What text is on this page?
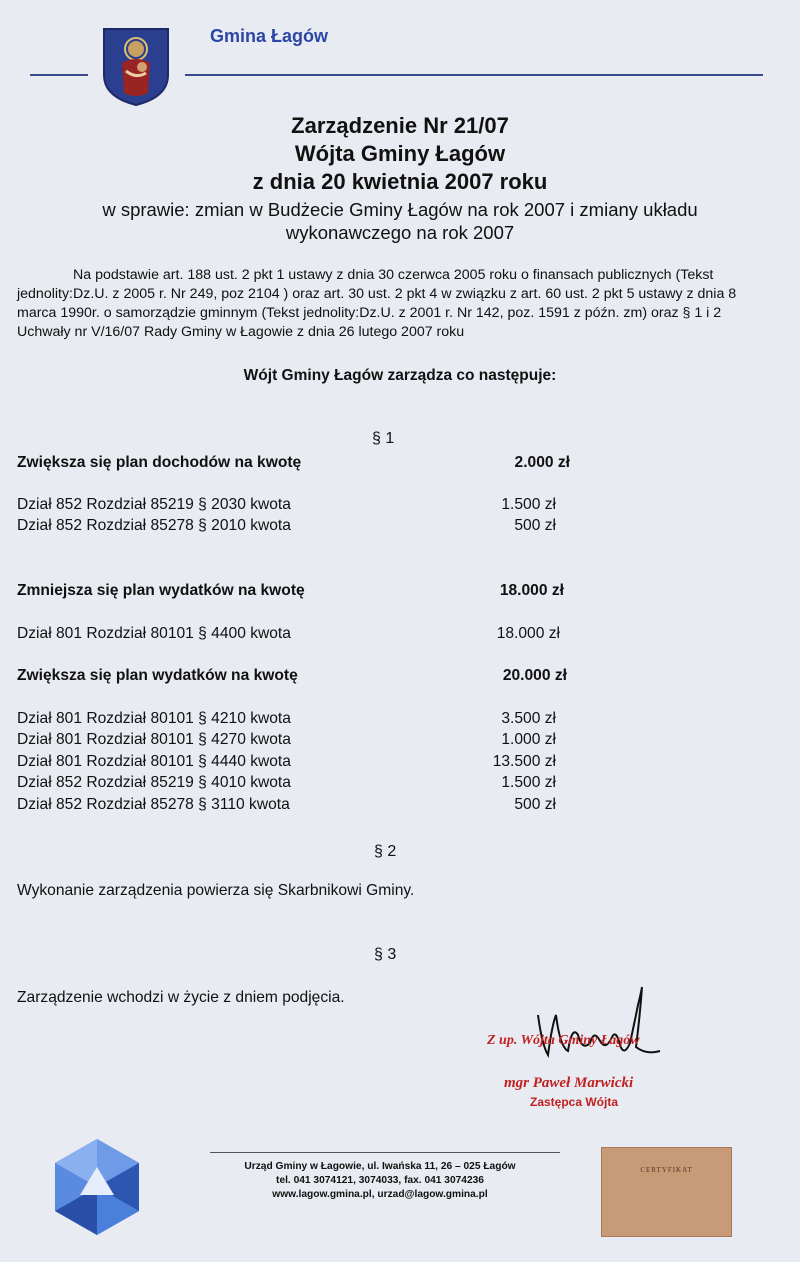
Gmina Łagów
Zarządzenie Nr 21/07
Wójta Gminy Łagów
z dnia 20 kwietnia 2007 roku
w sprawie: zmian w Budżecie Gminy Łagów na rok 2007 i zmiany układu
wykonawczego na rok 2007
Na podstawie art. 188 ust. 2 pkt 1 ustawy z dnia 30 czerwca 2005 roku o finansach publicznych (Tekst jednolity:Dz.U. z 2005 r. Nr 249, poz 2104 ) oraz art. 30 ust. 2 pkt 4 w związku z art. 60 ust. 2 pkt 5 ustawy z dnia 8 marca 1990r. o samorządzie gminnym (Tekst jednolity:Dz.U. z 2001 r. Nr 142, poz. 1591 z późn. zm) oraz § 1 i 2 Uchwały nr V/16/07 Rady Gminy w Łagowie z dnia 26 lutego 2007 roku
Wójt Gminy Łagów zarządza co następuje:
§ 1
Zwiększa się plan dochodów na kwotę	2.000 zł
Dział 852 Rozdział 85219 § 2030 kwota	1.500 zł
Dział 852 Rozdział 85278 § 2010 kwota	500 zł
Zmniejsza się plan wydatków na kwotę	18.000 zł
Dział 801 Rozdział 80101 § 4400 kwota	18.000 zł
Zwiększa się plan wydatków na kwotę	20.000 zł
Dział 801 Rozdział 80101 § 4210 kwota	3.500 zł
Dział 801 Rozdział 80101 § 4270 kwota	1.000 zł
Dział 801 Rozdział 80101 § 4440 kwota	13.500 zł
Dział 852 Rozdział 85219 § 4010 kwota	1.500 zł
Dział 852 Rozdział 85278 § 3110 kwota	500 zł
§ 2
Wykonanie zarządzenia powierza się Skarbnikowi Gminy.
§ 3
Zarządzenie wchodzi w życie z dniem podjęcia.
Z up. Wójta Gminy Łagów
mgr Paweł Marwicki
Zastępca Wójta
Urząd Gminy w Łagowie, ul. Iwańska 11, 26 – 025 Łagów
tel. 041 3074121, 3074033, fax. 041 3074236
www.lagow.gmina.pl, urzad@lagow.gmina.pl
CERTYFIKAT
